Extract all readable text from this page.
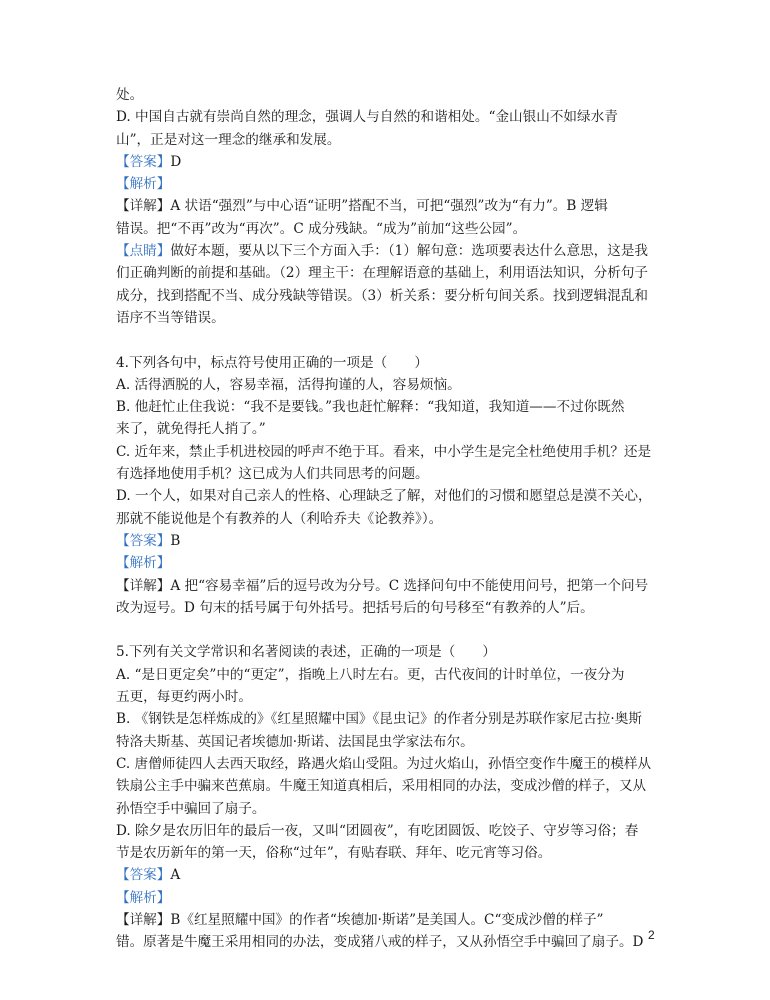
处。
D. 中国自古就有崇尚自然的理念，强调人与自然的和谐相处。“金山银山不如绿水青
山”，正是对这一理念的继承和发展。
【答案】D
【解析】
【详解】A 状语“强烈”与中心语“证明”搭配不当，可把“强烈”改为“有力”。B 逻辑
错误。把“不再”改为“再次”。C 成分残缺。“成为”前加“这些公园”。
【点睛】做好本题，要从以下三个方面入手：（1）解句意：选项要表达什么意思，这是我
们正确判断的前提和基础。（2）理主干：在理解语意的基础上，利用语法知识，分析句子
成分，找到搭配不当、成分残缺等错误。（3）析关系：要分析句间关系。找到逻辑混乱和
语序不当等错误。
4.下列各句中，标点符号使用正确的一项是（　　）
A. 活得洒脱的人，容易幸福，活得拘谨的人，容易烦恼。
B. 他赶忙止住我说：“我不是要钱。”我也赶忙解释：“我知道，我知道——不过你既然
来了，就免得托人捎了。”
C. 近年来，禁止手机进校园的呼声不绝于耳。看来，中小学生是完全杜绝使用手机？还是
有选择地使用手机？这已成为人们共同思考的问题。
D. 一个人，如果对自己亲人的性格、心理缺乏了解，对他们的习惯和愿望总是漠不关心，
那就不能说他是个有教养的人（利哈乔夫《论教养》）。
【答案】B
【解析】
【详解】A 把“容易幸福”后的逗号改为分号。C 选择问句中不能使用问号，把第一个问号
改为逗号。D 句末的括号属于句外括号。把括号后的句号移至“有教养的人”后。
5.下列有关文学常识和名著阅读的表述，正确的一项是（　　）
A. “是日更定矣”中的“更定”，指晚上八时左右。更，古代夜间的计时单位，一夜分为
五更，每更约两小时。
B. 《钢铁是怎样炼成的》《红星照耀中国》《昆虫记》的作者分别是苏联作家尼古拉·奥斯
特洛夫斯基、英国记者埃德加·斯诺、法国昆虫学家法布尔。
C. 唐僧师徒四人去西天取经，路遇火焰山受阻。为过火焰山，孙悟空变作牛魔王的模样从
铁扇公主手中骗来芭蕉扇。牛魔王知道真相后，采用相同的办法，变成沙僧的样子，又从
孙悟空手中骗回了扇子。
D. 除夕是农历旧年的最后一夜，又叫“团圆夜”，有吃团圆饭、吃饺子、守岁等习俗；春
节是农历新年的第一天，俗称“过年”，有贴春联、拜年、吃元宵等习俗。
【答案】A
【解析】
【详解】B《红星照耀中国》的作者“埃德加·斯诺”是美国人。C“变成沙僧的样子”
错。原著是牛魔王采用相同的办法，变成猪八戒的样子，又从孙悟空手中骗回了扇子。D 2
